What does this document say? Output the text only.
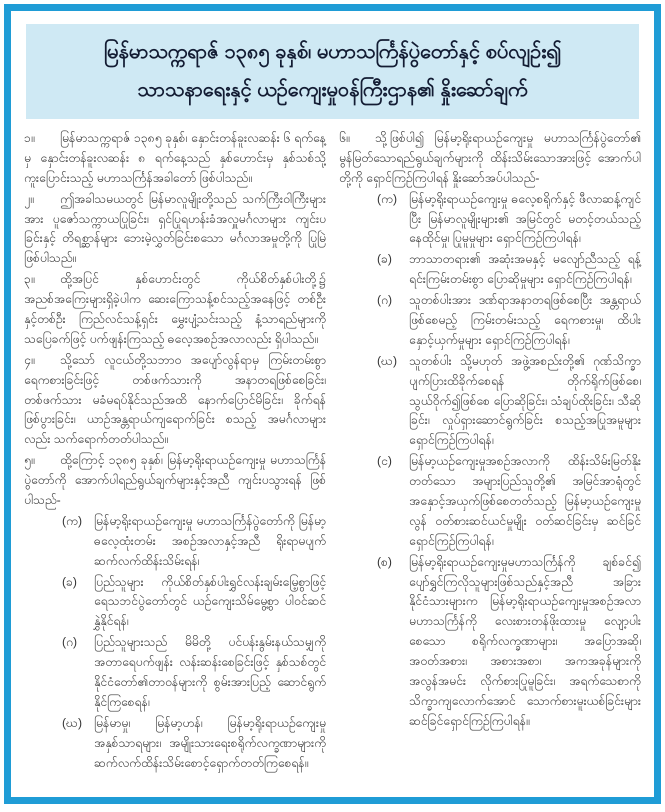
မြန်မာသက္ကရာဇ် ၁၃၈၅ ခုနှစ်၊ မဟာသင်္ကြန်ပွဲတော်နှင့် စပ်လျဉ်း၍
သာသနာရေးနှင့် ယဉ်ကျေးမှုဝန်ကြီးဌာန၏ နှိုးဆော်ချက်

၁။ မြန်မာသက္ကရာဇ် ၁၃၈၅ ခုနှစ်၊ နှောင်းတန်ခူးလဆန်း ၆ ရက်နေ့မှ နှောင်းတန်ခူးလဆန်း ၈ ရက်နေ့သည် နှစ်ဟောင်းမှ နှစ်သစ်သို့ ကူးပြောင်းသည့် မဟာသင်္ကြန်အခါတော် ဖြစ်ပါသည်။

၂။ ဤအခါသမယတွင် မြန်မာလူမျိုးတို့သည် သက်ကြီးဝါကြီးများအား ပူဇော်သက္ကာယပြုခြင်း၊ ရှင်ပြုရဟန်းခံအလှူမင်္ဂလာများ ကျင်းပခြင်းနှင့် တိရစ္ဆာန်များ ဘေးမဲ့လွှတ်ခြင်းစသော မင်္ဂလာအမှုတို့ကို ပြုမြဲဖြစ်ပါသည်။

၃။ ထို့အပြင် နှစ်ဟောင်းတွင် ကိုယ်စိတ်နှစ်ပါးတို့၌ အညစ်အကြေးများရှိခဲ့ပါက ဆေးကြောသန့်စင်သည့်အနေဖြင့် တစ်ဦးနှင့်တစ်ဦး ကြည်လင်သန့်ရှင်း မွှေးပျံ့သင်းသည့် နံ့သာရည်များကို သပြေခက်ဖြင့် ပက်ဖျန်းကြသည့် ဓလေ့အစဉ်အလာလည်း ရှိပါသည်။

၄။ သို့သော် လူငယ်တို့သဘာဝ အပျော်လွန်ရာမှ ကြမ်းတမ်းစွာ ရေကစားခြင်းဖြင့် တစ်ဖက်သားကို အနာတရဖြစ်စေခြင်း၊ တစ်ဖက်သား မခံမရပ်နိုင်သည်အထိ နောက်ပြောင်မိခြင်း၊ ခိုက်ရန်ဖြစ်ပွားခြင်း၊ ယာဉ်အန္တရာယ်ကျရောက်ခြင်း စသည့် အမင်္ဂလာများလည်း သက်ရောက်တတ်ပါသည်။

၅။ ထို့ကြောင့် ၁၃၈၅ ခုနှစ်၊ မြန်မာ့ရိုးရာယဉ်ကျေးမှု မဟာသင်္ကြန်ပွဲတော်ကို အောက်ပါရည်ရွယ်ချက်များနှင့်အညီ ကျင်းပသွားရန် ဖြစ်ပါသည်-

(က) မြန်မာ့ရိုးရာယဉ်ကျေးမှု မဟာသင်္ကြန်ပွဲတော်ကို မြန်မာ့ဓလေ့ထုံးတမ်း အစဉ်အလာနှင့်အညီ ရိုးရာမပျက် ဆက်လက်ထိန်းသိမ်းရန်၊
(ခ)	ပြည်သူများ ကိုယ်စိတ်နှစ်ပါးရွှင်လန်းချမ်းမြေ့စွာဖြင့် ရေသဘင်ပွဲတော်တွင် ယဉ်ကျေးသိမ်မွေ့စွာ ပါဝင်ဆင်နွှဲနိုင်ရန်၊
(ဂ)	ပြည်သူများသည် မိမိတို့ ပင်ပန်းနွမ်းနယ်သမျှကို အတာရေပက်ဖျန်း လန်းဆန်းစေခြင်းဖြင့် နှစ်သစ်တွင် နိုင်ငံတော်၏တာဝန်များကို စွမ်းအားပြည့် ဆောင်ရွက်နိုင်ကြစေရန်၊
(ဃ) မြန်မာမှု၊ မြန်မာ့ဟန်၊ မြန်မာ့ရိုးရာယဉ်ကျေးမှု အနှစ်သာရများ၊ အမျိုးသားရေးစရိုက်လက္ခဏာများကို ဆက်လက်ထိန်းသိမ်းစောင့်ရှောက်တတ်ကြစေရန်။

၆။ သို့ဖြစ်ပါ၍ မြန်မာ့ရိုးရာယဉ်ကျေးမှု မဟာသင်္ကြန်ပွဲတော်၏ မွန်မြတ်သောရည်ရွယ်ချက်များကို ထိန်းသိမ်းသောအားဖြင့် အောက်ပါတို့ကို ရှောင်ကြဉ်ကြပါရန် နှိုးဆော်အပ်ပါသည်-

(က) မြန်မာ့ရိုးရာယဉ်ကျေးမှု ဓလေ့စရိုက်နှင့် ဖီလာဆန့်ကျင်ပြီး မြန်မာလူမျိုးများ၏ အမြင်တွင် မတင့်တယ်သည့် နေထိုင်မှု၊ ပြုမူမှုများ ရှောင်ကြဉ်ကြပါရန်၊
(ခ)	ဘာသာတရား၏ အဆုံးအမနှင့် မလျော်ညီသည့် ရန့်ရင်းကြမ်းတမ်းစွာ ပြောဆိုမှုများ ရှောင်ကြဉ်ကြပါရန်၊
(ဂ)	သူတစ်ပါးအား ဒဏ်ရာအနာတရဖြစ်စေပြီး အန္တရာယ်ဖြစ်စေမည့် ကြမ်းတမ်းသည့် ရေကစားမှု၊ ထိပါးနှောင့်ယှက်မှုများ ရှောင်ကြဉ်ကြပါရန်၊
(ဃ) သူတစ်ပါး သို့မဟုတ် အဖွဲ့အစည်းတို့၏ ဂုဏ်သိက္ခာ ပျက်ပြားထိခိုက်စေရန် တိုက်ရိုက်ဖြစ်စေ၊ သွယ်ဝိုက်၍ဖြစ်စေ ပြောဆိုခြင်း၊ သံချပ်ထိုးခြင်း၊ သီဆိုခြင်း၊ လှုပ်ရှားဆောင်ရွက်ခြင်း စသည့်အပြုအမူများ ရှောင်ကြဉ်ကြပါရန်၊
(င)	မြန်မာ့ယဉ်ကျေးမှုအစဉ်အလာကို ထိန်းသိမ်းမြတ်နိုးတတ်သော အများပြည်သူတို့၏ အမြင်အာရုံတွင် အနှောင့်အယှက်ဖြစ်စေတတ်သည့် မြန်မာ့ယဉ်ကျေးမှုလွန် ဝတ်စားဆင်ယင်မှုမျိုး ဝတ်ဆင်ခြင်းမှ ဆင်ခြင်ရှောင်ကြဉ်ကြပါရန်၊
(စ)	မြန်မာ့ရိုးရာယဉ်ကျေးမှုမဟာသင်္ကြန်ကို ချစ်ခင်၍ ပျော်ရွှင်ကြလိုသူများဖြစ်သည်နှင့်အညီ အခြားနိုင်ငံသားများက မြန်မာ့ရိုးရာယဉ်ကျေးမှုအစဉ်အလာ မဟာသင်္ကြန်ကို လေးစားတန်ဖိုးထားမှု လျော့ပါးစေသော စရိုက်လက္ခဏာများ၊ အပြောအဆို၊ အဝတ်အစား၊ အစားအစာ၊ အကအခုန်များကို အလွန်အမင်း လိုက်စားပြုမူခြင်း၊ အရက်သေစာကို သိက္ခာကျလောက်အောင် သောက်စားမူးယစ်ခြင်းများ ဆင်ခြင်ရှောင်ကြဉ်ကြပါရန်။
